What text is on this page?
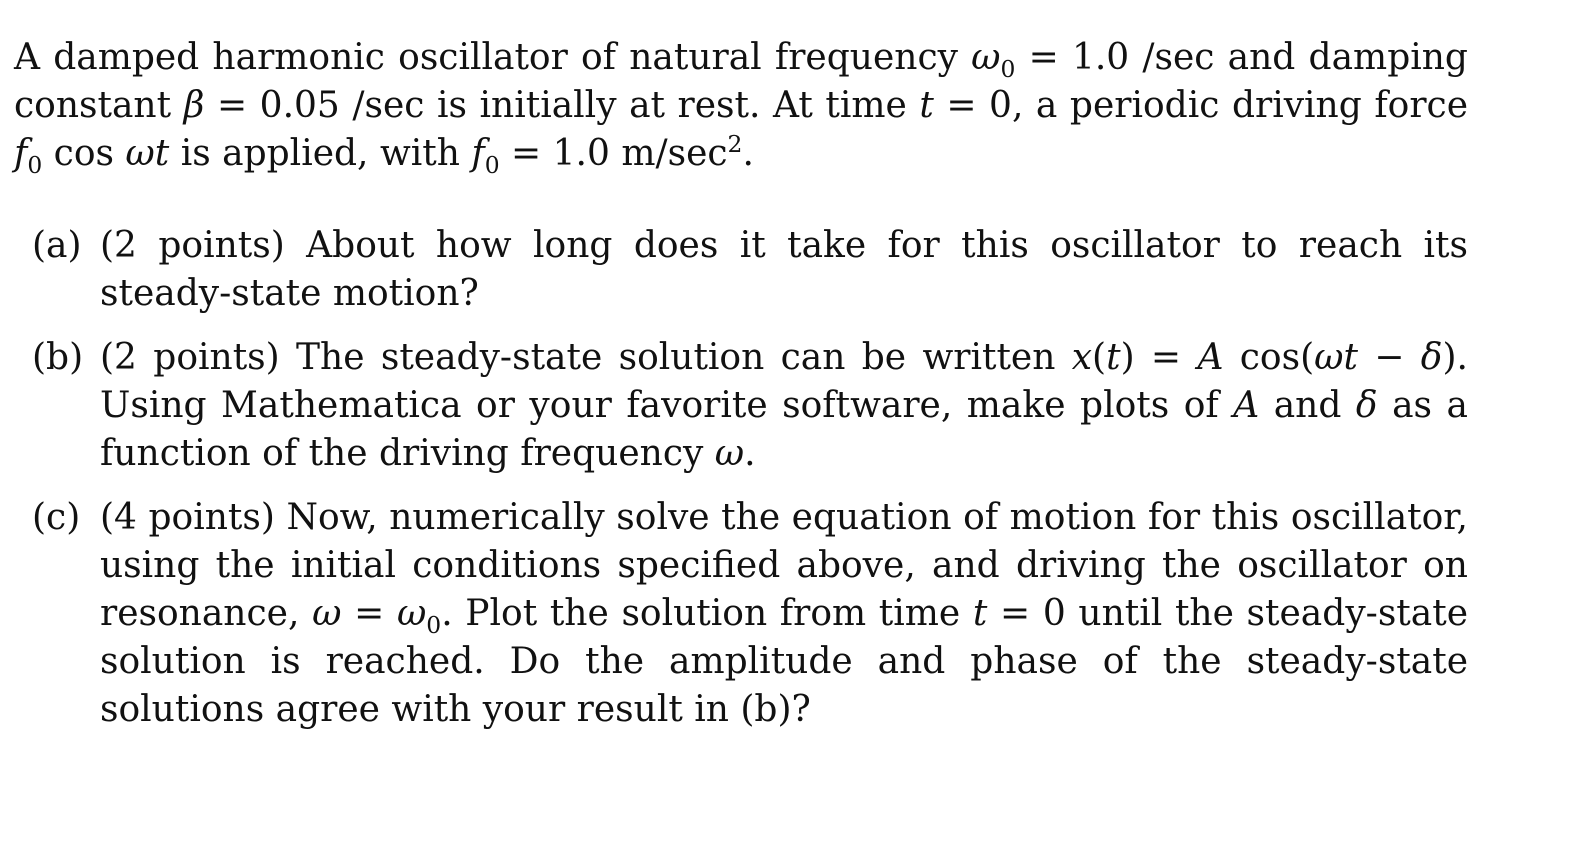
A damped harmonic oscillator of natural frequency $\omega_0 = 1.0$ /sec and damping constant β = 0.05 /sec is initially at rest. At time t = 0, a periodic driving force $f_0$ cos ωt is applied, with $f_0 = 1.0$ $m/\sec^2$.

(a) (2 points) About how long does it take for this oscillator to reach its steady-state motion?
(b) (2 points) The steady-state solution can be written x(t) = A cos(ωt − δ). Using Mathematica or your favorite software, make plots of A and δ as a function of the driving frequency ω.
(c) (4 points) Now, numerically solve the equation of motion for this oscillator, using the initial conditions specified above, and driving the oscillator on resonance, $\omega = \omega_0$. Plot the solution from time t = 0 until the steady-state solution is reached. Do the amplitude and phase of the steady-state solutions agree with your result in (b)?
